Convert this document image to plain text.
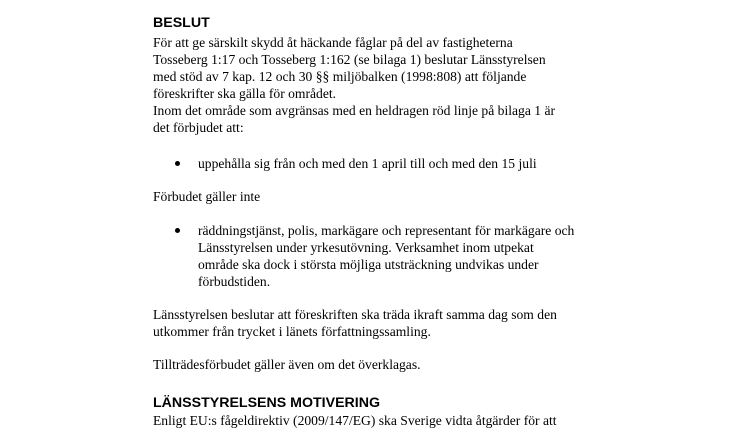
BESLUT
För att ge särskilt skydd åt häckande fåglar på del av fastigheterna
Tosseberg 1:17 och Tosseberg 1:162 (se bilaga 1) beslutar Länsstyrelsen
med stöd av 7 kap. 12 och 30 §§ miljöbalken (1998:808) att följande
föreskrifter ska gälla för området.
Inom det område som avgränsas med en heldragen röd linje på bilaga 1 är
det förbjudet att:
uppehålla sig från och med den 1 april till och med den 15 juli
Förbudet gäller inte
räddningstjänst, polis, markägare och representant för markägare och
Länsstyrelsen under yrkesutövning. Verksamhet inom utpekat
område ska dock i största möjliga utsträckning undvikas under
förbudstiden.
Länsstyrelsen beslutar att föreskriften ska träda ikraft samma dag som den
utkommer från trycket i länets författningssamling.
Tillträdesförbudet gäller även om det överklagas.
LÄNSSTYRELSENS MOTIVERING
Enligt EU:s fågeldirektiv (2009/147/EG) ska Sverige vidta åtgärder för att
